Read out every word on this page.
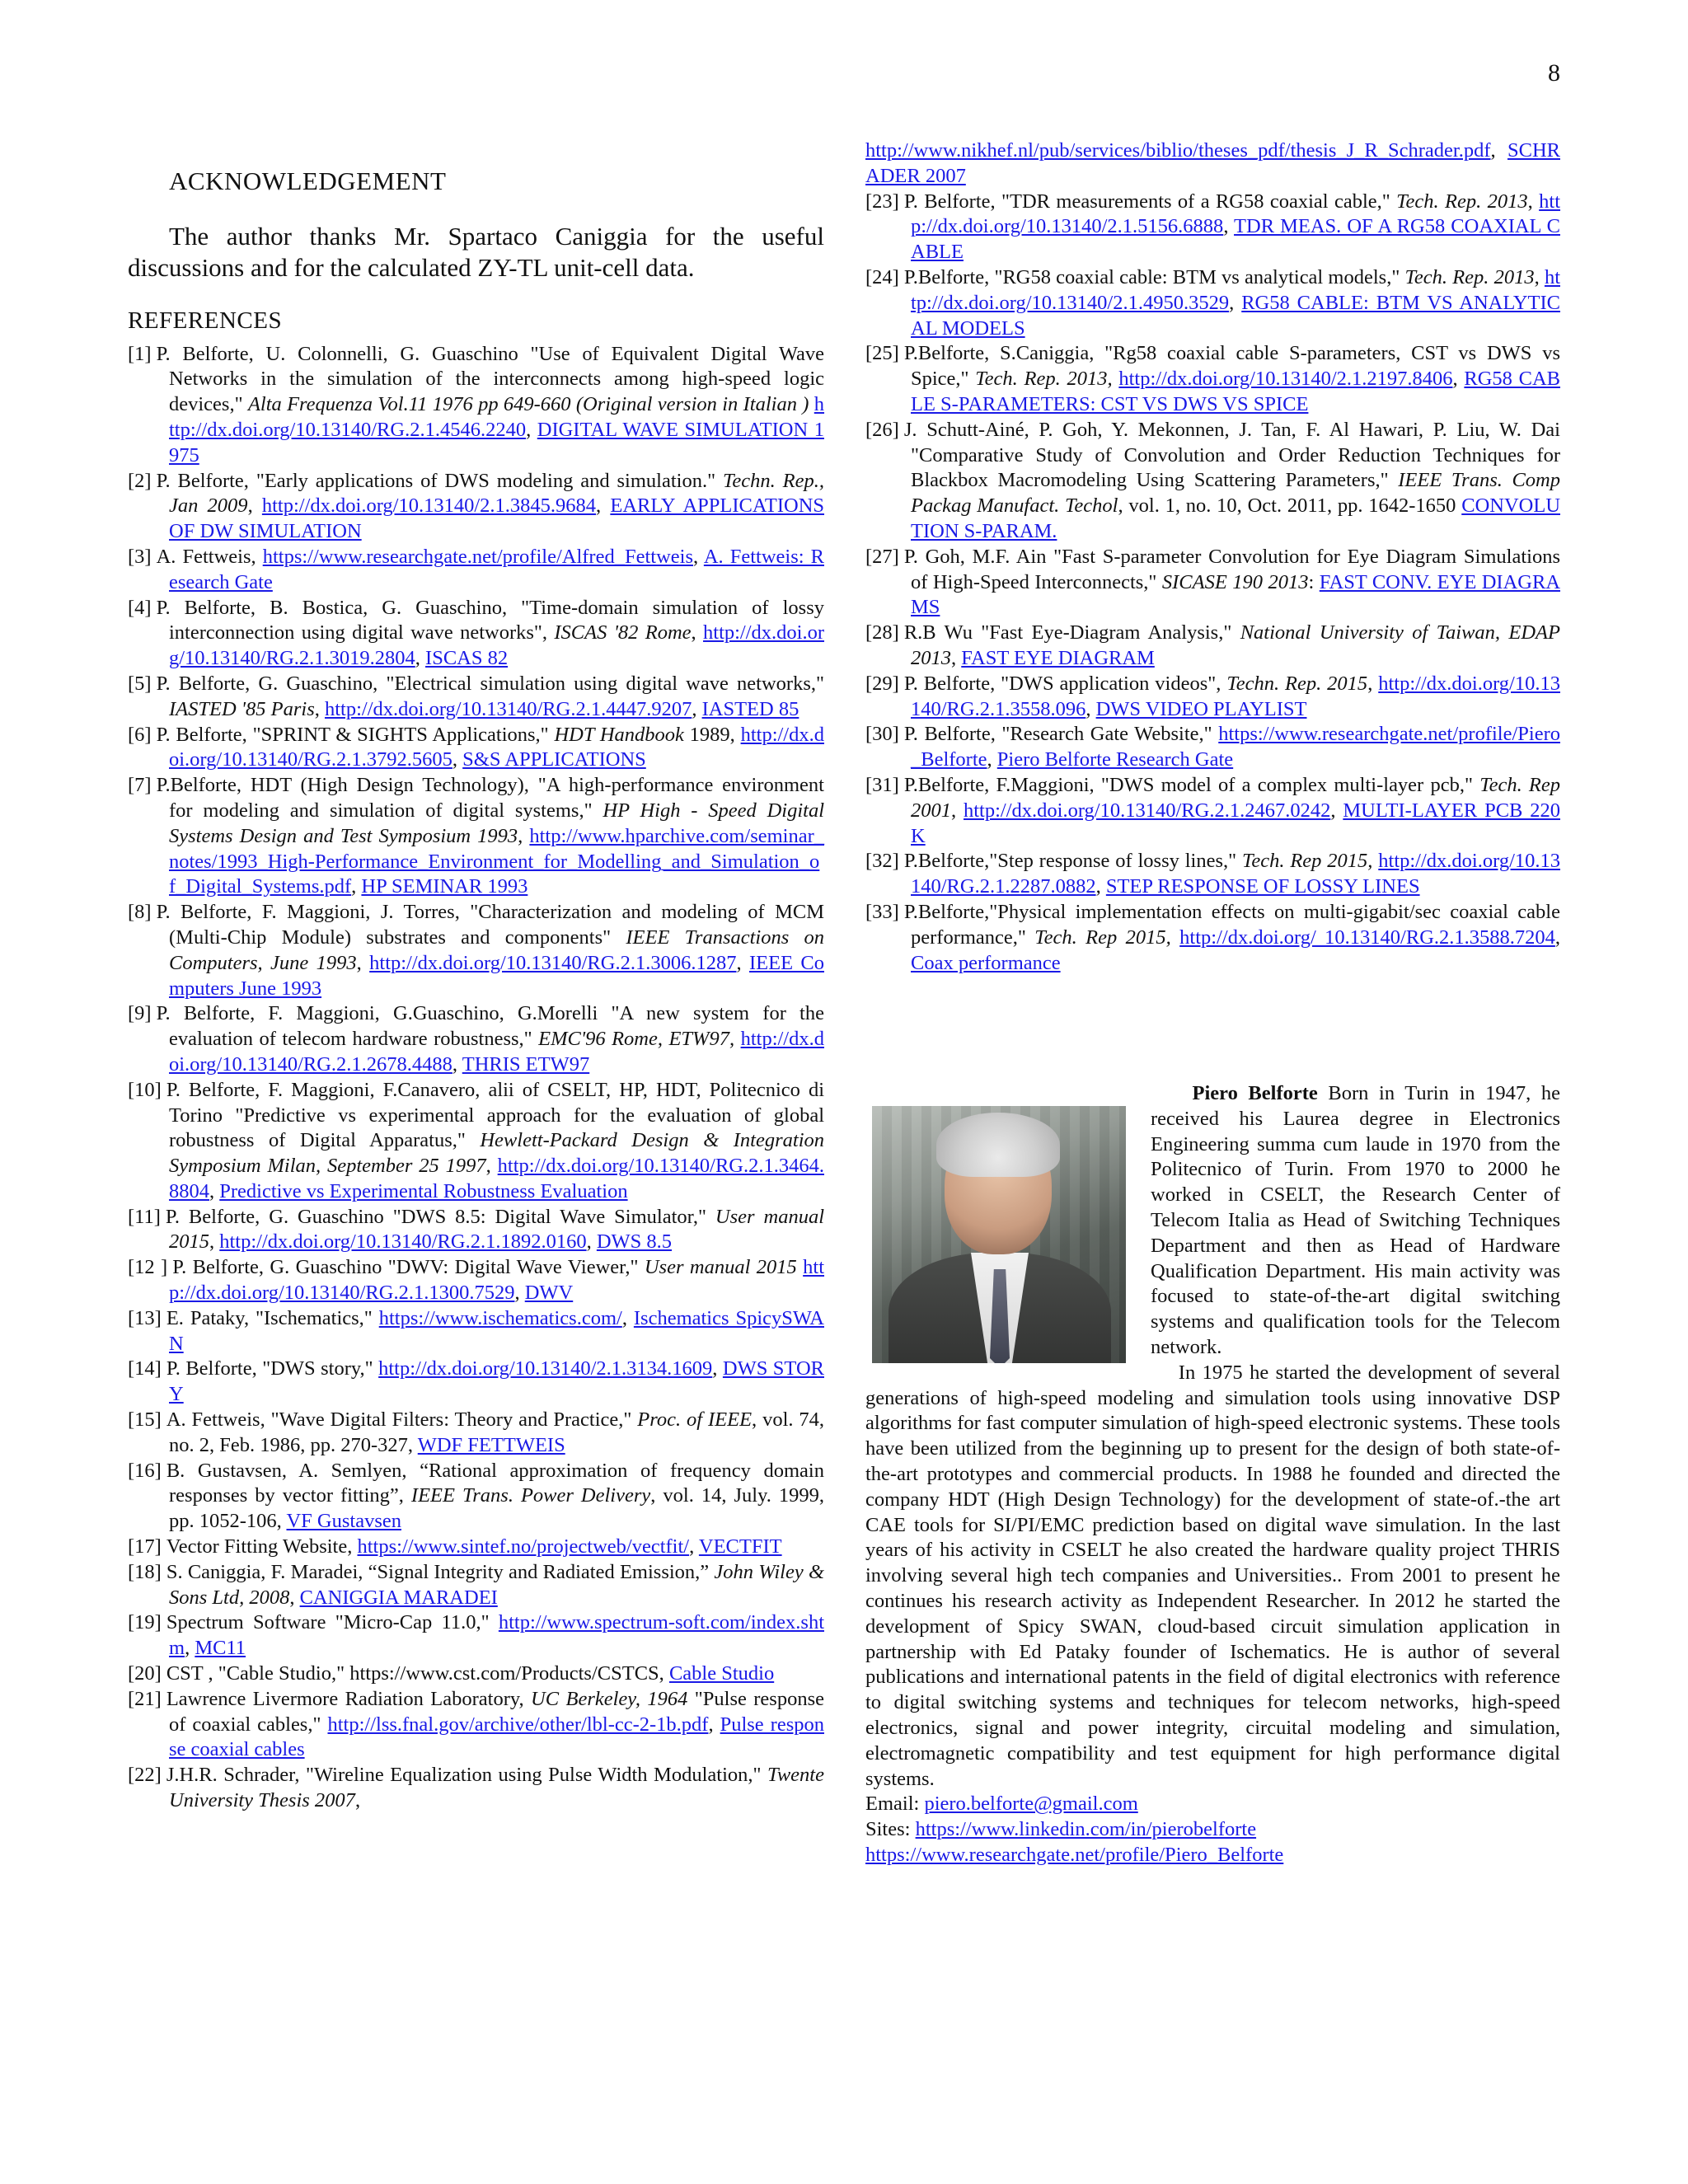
8
ACKNOWLEDGEMENT

The author thanks Mr. Spartaco Caniggia for the useful discussions and for the calculated ZY-TL unit-cell data.

REFERENCES
[1] P. Belforte, U. Colonnelli, G. Guaschino "Use of Equivalent Digital Wave Networks in the simulation of the interconnects among high-speed logic devices," Alta Frequenza Vol.11 1976 pp 649-660 (Original version in Italian ) http://dx.doi.org/10.13140/RG.2.1.4546.2240, DIGITAL WAVE SIMULATION 1975
[2] P. Belforte, "Early applications of DWS modeling and simulation." Techn. Rep., Jan 2009, http://dx.doi.org/10.13140/2.1.3845.9684, EARLY APPLICATIONS OF DW SIMULATION
[3] A. Fettweis, https://www.researchgate.net/profile/Alfred_Fettweis, A. Fettweis: Research Gate
[4] P. Belforte, B. Bostica, G. Guaschino, "Time-domain simulation of lossy interconnection using digital wave networks", ISCAS '82 Rome, http://dx.doi.org/10.13140/RG.2.1.3019.2804, ISCAS 82
[5] P. Belforte, G. Guaschino, "Electrical simulation using digital wave networks," IASTED '85 Paris, http://dx.doi.org/10.13140/RG.2.1.4447.9207, IASTED 85
[6] P. Belforte, "SPRINT & SIGHTS Applications," HDT Handbook 1989, http://dx.doi.org/10.13140/RG.2.1.3792.5605, S&S APPLICATIONS
[7] P.Belforte, HDT (High Design Technology), "A high-performance environment for modeling and simulation of digital systems," HP High - Speed Digital Systems Design and Test Symposium 1993, http://www.hparchive.com/seminar_notes/1993_High-Performance_Environment_for_Modelling_and_Simulation_of_Digital_Systems.pdf, HP SEMINAR 1993
[8] P. Belforte, F. Maggioni, J. Torres, "Characterization and modeling of MCM (Multi-Chip Module) substrates and components" IEEE Transactions on Computers, June 1993, http://dx.doi.org/10.13140/RG.2.1.3006.1287, IEEE Computers June 1993
[9] P. Belforte, F. Maggioni, G.Guaschino, G.Morelli "A new system for the evaluation of telecom hardware robustness," EMC'96 Rome, ETW97, http://dx.doi.org/10.13140/RG.2.1.2678.4488, THRIS ETW97
[10] P. Belforte, F. Maggioni, F.Canavero, alii of CSELT, HP, HDT, Politecnico di Torino "Predictive vs experimental approach for the evaluation of global robustness of Digital Apparatus," Hewlett-Packard Design & Integration Symposium Milan, September 25 1997, http://dx.doi.org/10.13140/RG.2.1.3464.8804, Predictive vs Experimental Robustness Evaluation
[11] P. Belforte, G. Guaschino "DWS 8.5: Digital Wave Simulator," User manual 2015, http://dx.doi.org/10.13140/RG.2.1.1892.0160, DWS 8.5
[12 ] P. Belforte, G. Guaschino "DWV: Digital Wave Viewer," User manual 2015 http://dx.doi.org/10.13140/RG.2.1.1300.7529, DWV
[13] E. Pataky, "Ischematics," https://www.ischematics.com/, Ischematics SpicySWAN
[14] P. Belforte, "DWS story," http://dx.doi.org/10.13140/2.1.3134.1609, DWS STORY
[15] A. Fettweis, "Wave Digital Filters: Theory and Practice," Proc. of IEEE, vol. 74, no. 2, Feb. 1986, pp. 270-327, WDF FETTWEIS
[16] B. Gustavsen, A. Semlyen, “Rational approximation of frequency domain responses by vector fitting”, IEEE Trans. Power Delivery, vol. 14, July. 1999, pp. 1052-106, VF Gustavsen
[17] Vector Fitting Website, https://www.sintef.no/projectweb/vectfit/, VECTFIT
[18] S. Caniggia, F. Maradei, “Signal Integrity and Radiated Emission,” John Wiley & Sons Ltd, 2008, CANIGGIA MARADEI
[19] Spectrum Software "Micro-Cap 11.0," http://www.spectrum-soft.com/index.shtm, MC11
[20] CST , "Cable Studio," https://www.cst.com/Products/CSTCS, Cable Studio
[21] Lawrence Livermore Radiation Laboratory, UC Berkeley, 1964 "Pulse response of coaxial cables," http://lss.fnal.gov/archive/other/lbl-cc-2-1b.pdf, Pulse response coaxial cables
[22] J.H.R. Schrader, "Wireline Equalization using Pulse Width Modulation," Twente University Thesis 2007,
http://www.nikhef.nl/pub/services/biblio/theses_pdf/thesis_J_R_Schrader.pdf, SCHRADER 2007
[23] P. Belforte, "TDR measurements of a RG58 coaxial cable," Tech. Rep. 2013, http://dx.doi.org/10.13140/2.1.5156.6888, TDR MEAS. OF A RG58 COAXIAL CABLE
[24] P.Belforte, "RG58 coaxial cable: BTM vs analytical models," Tech. Rep. 2013, http://dx.doi.org/10.13140/2.1.4950.3529, RG58 CABLE: BTM VS ANALYTICAL MODELS
[25] P.Belforte, S.Caniggia, "Rg58 coaxial cable S-parameters, CST vs DWS vs Spice," Tech. Rep. 2013, http://dx.doi.org/10.13140/2.1.2197.8406, RG58 CABLE S-PARAMETERS: CST VS DWS VS SPICE
[26] J. Schutt-Ainé, P. Goh, Y. Mekonnen, J. Tan, F. Al Hawari, P. Liu, W. Dai "Comparative Study of Convolution and Order Reduction Techniques for Blackbox Macromodeling Using Scattering Parameters," IEEE Trans. Comp Packag Manufact. Techol, vol. 1, no. 10, Oct. 2011, pp. 1642-1650 CONVOLUTION S-PARAM.
[27] P. Goh, M.F. Ain "Fast S-parameter Convolution for Eye Diagram Simulations of High-Speed Interconnects," SICASE 190 2013: FAST CONV. EYE DIAGRAMS
[28] R.B Wu "Fast Eye-Diagram Analysis," National University of Taiwan, EDAP 2013, FAST EYE DIAGRAM
[29] P. Belforte, "DWS application videos", Techn. Rep. 2015, http://dx.doi.org/10.13140/RG.2.1.3558.096, DWS VIDEO PLAYLIST
[30] P. Belforte, "Research Gate Website," https://www.researchgate.net/profile/Piero_Belforte, Piero Belforte Research Gate
[31] P.Belforte, F.Maggioni, "DWS model of a complex multi-layer pcb," Tech. Rep 2001, http://dx.doi.org/10.13140/RG.2.1.2467.0242, MULTI-LAYER PCB 220K
[32] P.Belforte,"Step response of lossy lines," Tech. Rep 2015, http://dx.doi.org/10.13140/RG.2.1.2287.0882, STEP RESPONSE OF LOSSY LINES
[33] P.Belforte,"Physical implementation effects on multi-gigabit/sec coaxial cable performance," Tech. Rep 2015, http://dx.doi.org/ 10.13140/RG.2.1.3588.7204, Coax performance

Piero Belforte Born in Turin in 1947, he received his Laurea degree in Electronics Engineering summa cum laude in 1970 from the Politecnico of Turin. From 1970 to 2000 he worked in CSELT, the Research Center of Telecom Italia as Head of Switching Techniques Department and then as Head of Hardware Qualification Department. His main activity was focused to state-of-the-art digital switching systems and qualification tools for the Telecom network.

In 1975 he started the development of several generations of high-speed modeling and simulation tools using innovative DSP algorithms for fast computer simulation of high-speed electronic systems. These tools have been utilized from the beginning up to present for the design of both state-of-the-art prototypes and commercial products. In 1988 he founded and directed the company HDT (High Design Technology) for the development of state-of.-the art CAE tools for SI/PI/EMC prediction based on digital wave simulation. In the last years of his activity in CSELT he also created the hardware quality project THRIS involving several high tech companies and Universities.. From 2001 to present he continues his research activity as Independent Researcher. In 2012 he started the development of Spicy SWAN, cloud-based circuit simulation application in partnership with Ed Pataky founder of Ischematics. He is author of several publications and international patents in the field of digital electronics with reference to digital switching systems and techniques for telecom networks, high-speed electronics, signal and power integrity, circuital modeling and simulation, electromagnetic compatibility and test equipment for high performance digital systems.

Email: piero.belforte@gmail.com

Sites: https://www.linkedin.com/in/pierobelforte

https://www.researchgate.net/profile/Piero_Belforte
